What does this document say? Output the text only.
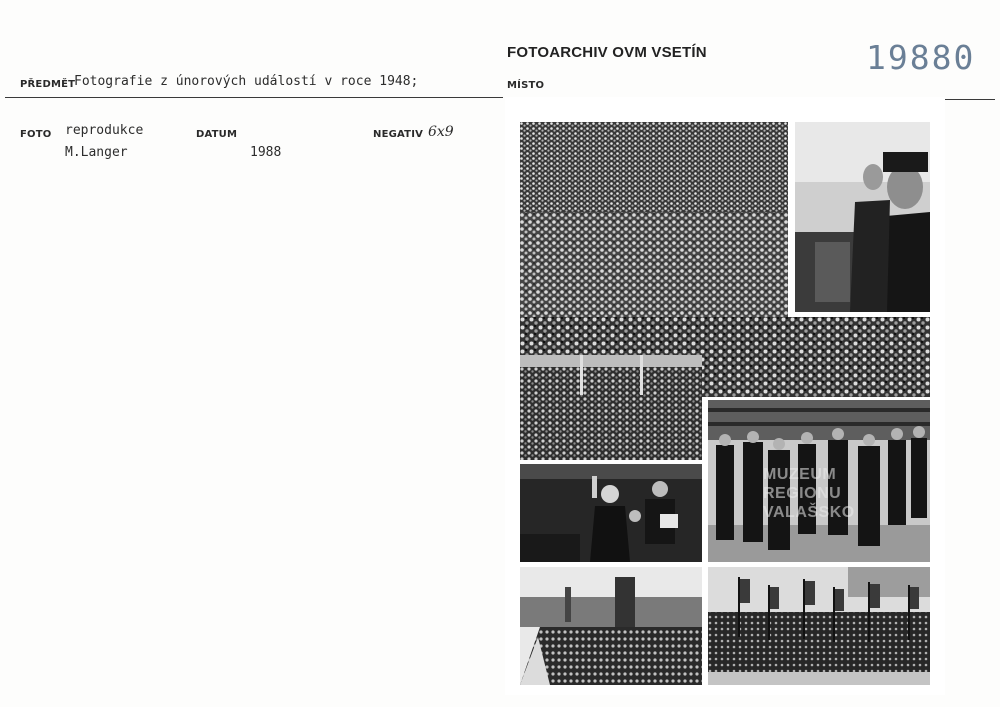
FOTOARCHIV OVM VSETÍN	19880
PŘEDMĚT
Fotografie z únorových událostí v roce 1948;	MÍSTO
FOTO reprodukce
M.Langer
DATUM
1988
NEGATIV 6x9
MUZEUM
REGIONU
VALAŠSKO
